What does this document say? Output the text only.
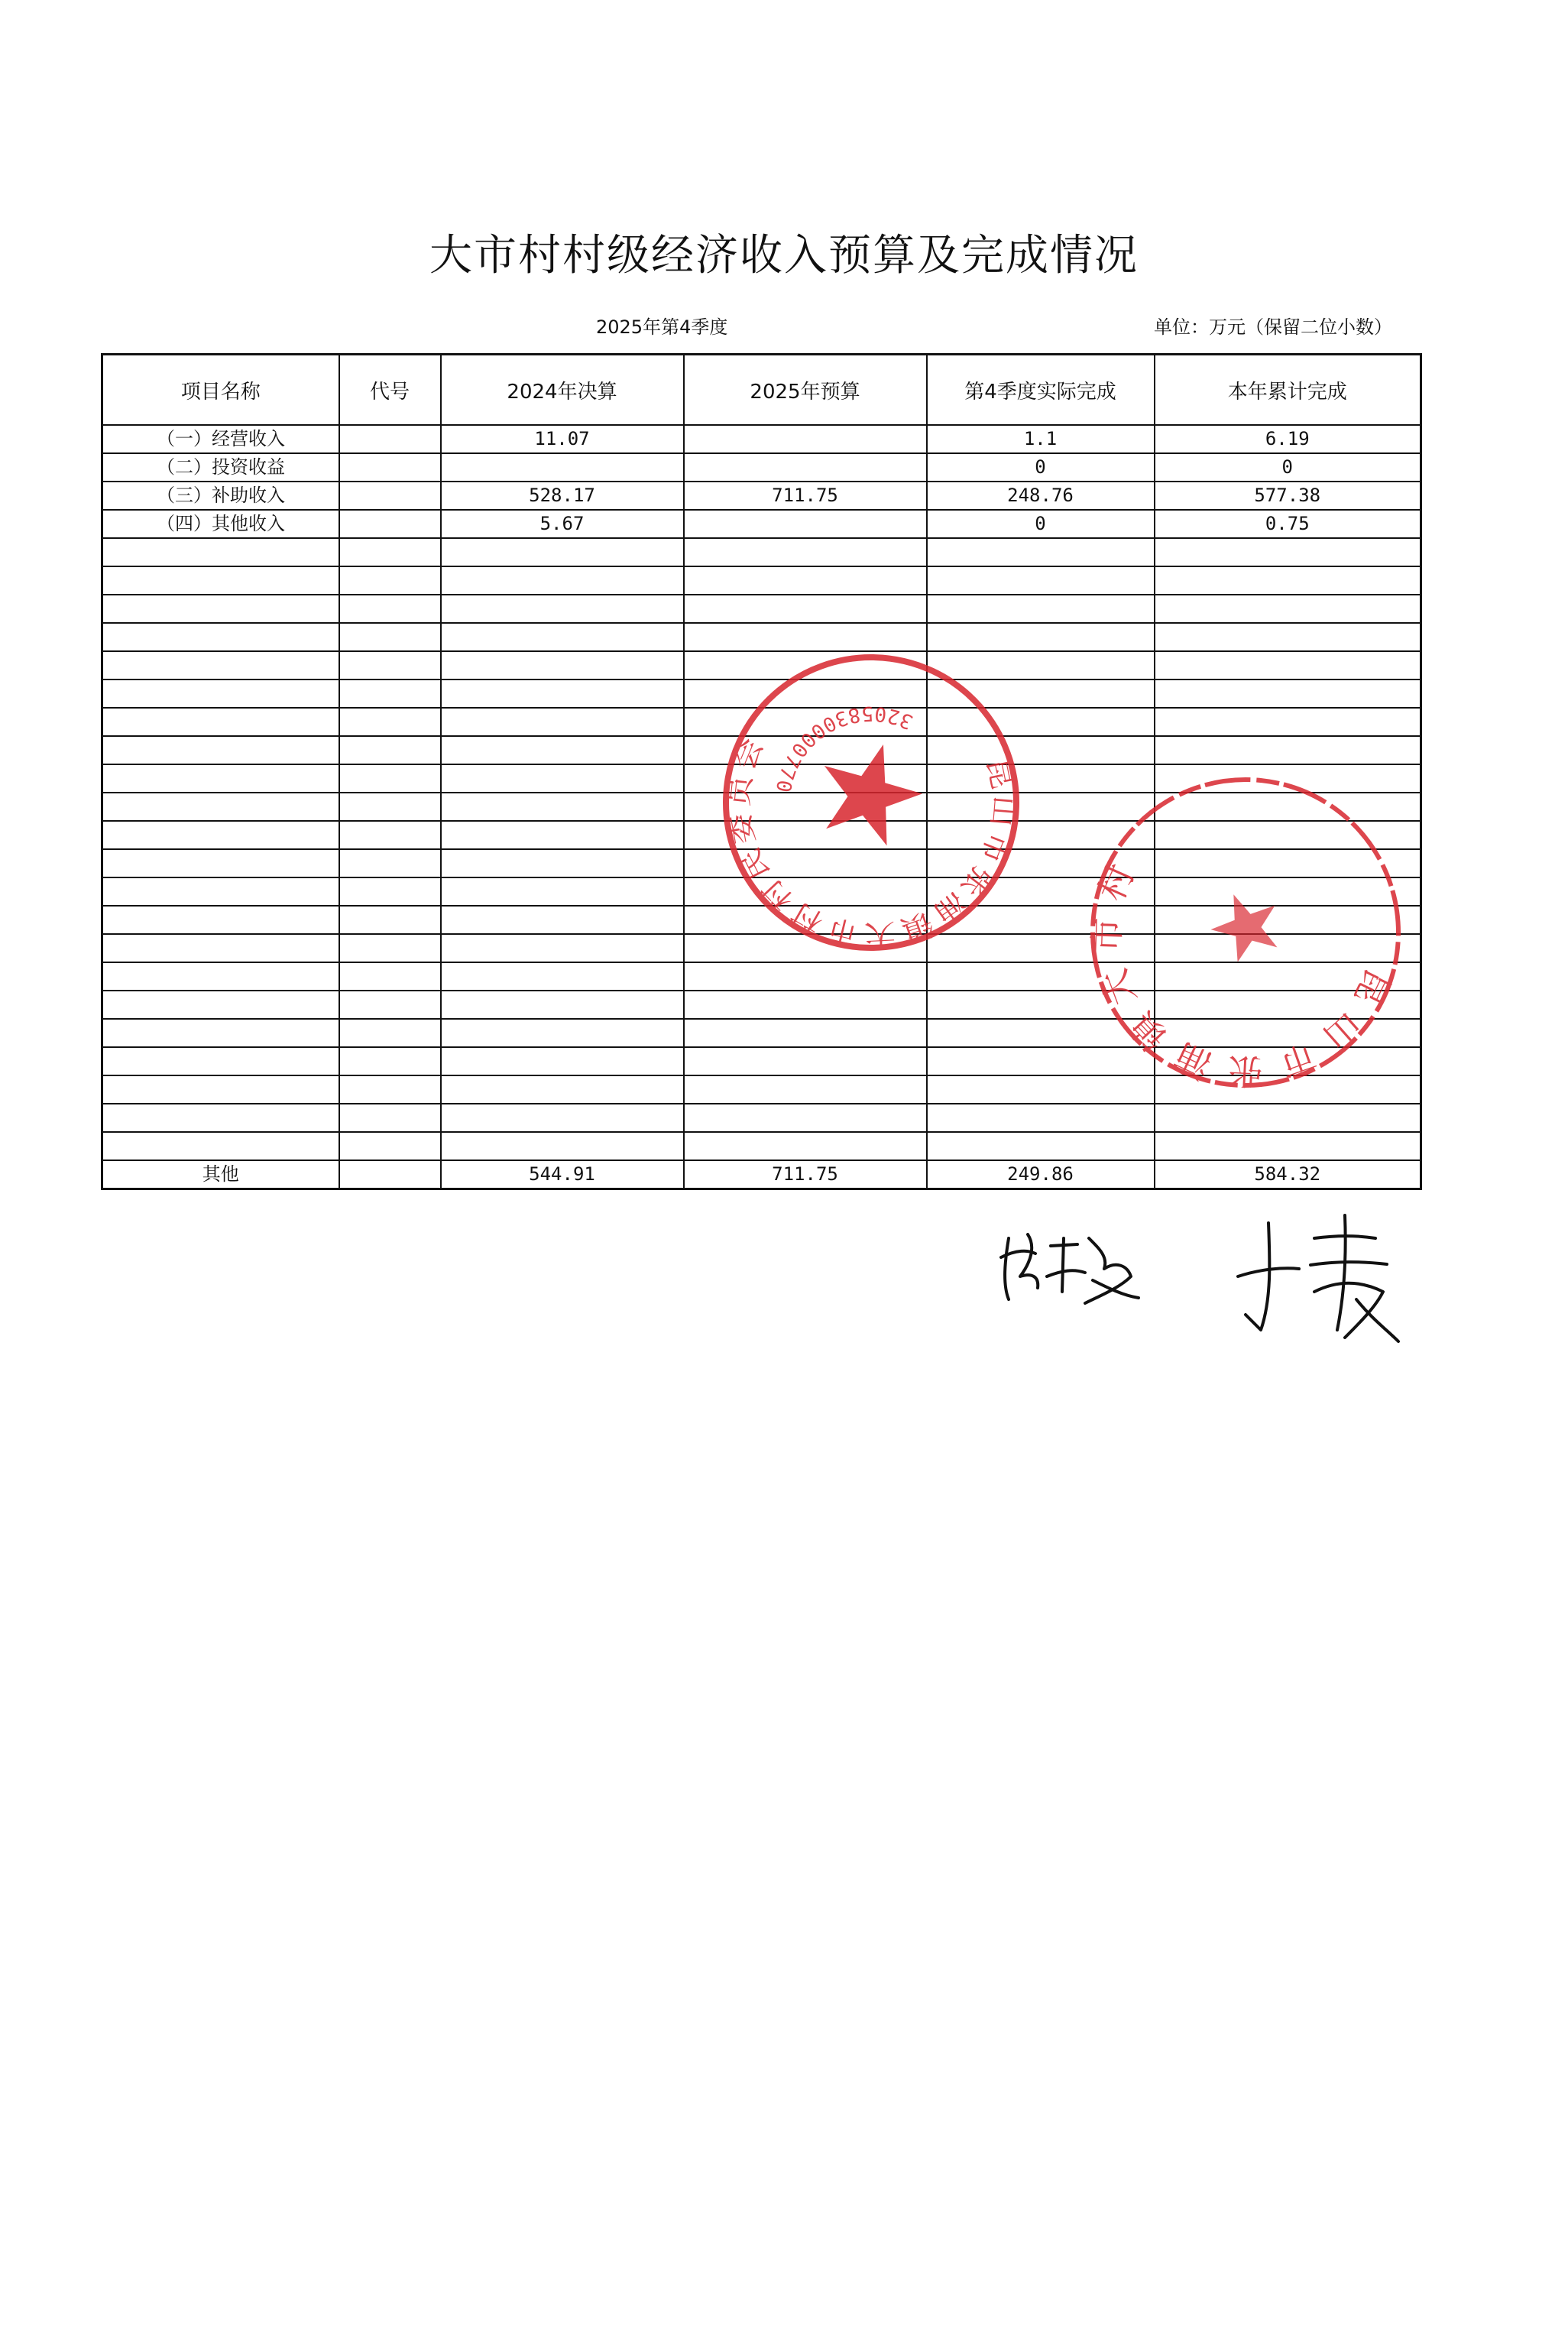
大市村村级经济收入预算及完成情况
2025年第4季度	单位：万元（保留二位小数）
项目名称	代号	2024年决算	2025年预算	第4季度实际完成	本年累计完成
（一）经营收入		11.07		1.1	6.19
（二）投资收益				0	0
（三）补助收入		528.17	711.75	248.76	577.38
（四）其他收入		5.67		0	0.75

其他		544.91	711.75	249.86	584.32
昆山市张浦镇大市村村民委员会
3205830000770
昆山市张浦镇大市村
